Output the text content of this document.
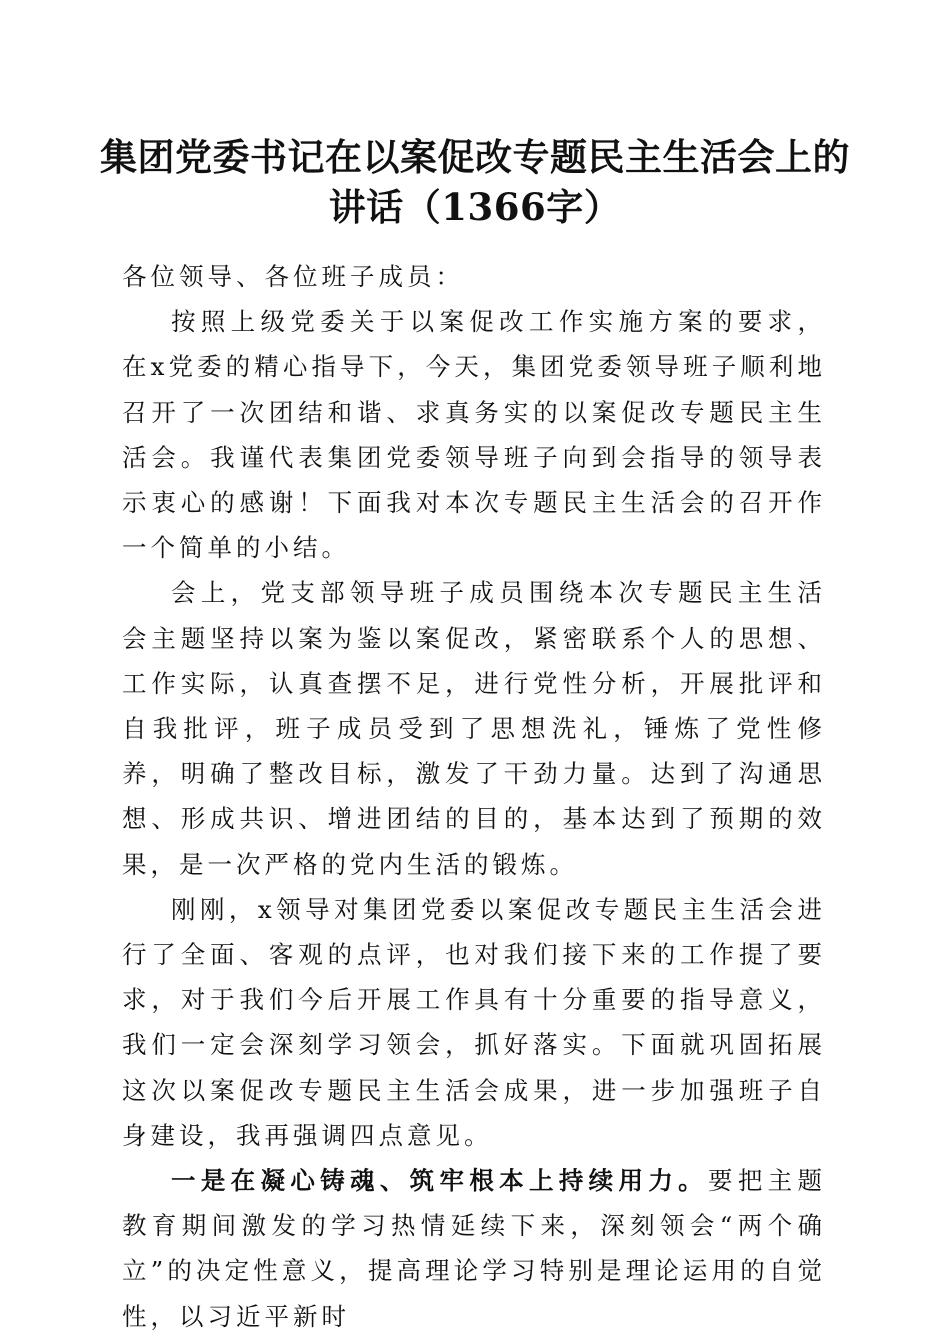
集团党委书记在以案促改专题民主生活会上的
讲话（1366字）

各位领导、各位班子成员：

按照上级党委关于以案促改工作实施方案的要求，在x党委的精心指导下，今天，集团党委领导班子顺利地召开了一次团结和谐、求真务实的以案促改专题民主生活会。我谨代表集团党委领导班子向到会指导的领导表示衷心的感谢！下面我对本次专题民主生活会的召开作一个简单的小结。

会上，党支部领导班子成员围绕本次专题民主生活会主题坚持以案为鉴以案促改，紧密联系个人的思想、工作实际，认真查摆不足，进行党性分析，开展批评和自我批评，班子成员受到了思想洗礼，锤炼了党性修养，明确了整改目标，激发了干劲力量。达到了沟通思想、形成共识、增进团结的目的，基本达到了预期的效果，是一次严格的党内生活的锻炼。

刚刚，x领导对集团党委以案促改专题民主生活会进行了全面、客观的点评，也对我们接下来的工作提了要求，对于我们今后开展工作具有十分重要的指导意义，我们一定会深刻学习领会，抓好落实。下面就巩固拓展这次以案促改专题民主生活会成果，进一步加强班子自身建设，我再强调四点意见。

一是在凝心铸魂、筑牢根本上持续用力。要把主题教育期间激发的学习热情延续下来，深刻领会“两个确立”的决定性意义，提高理论学习特别是理论运用的自觉性，以习近平新时
